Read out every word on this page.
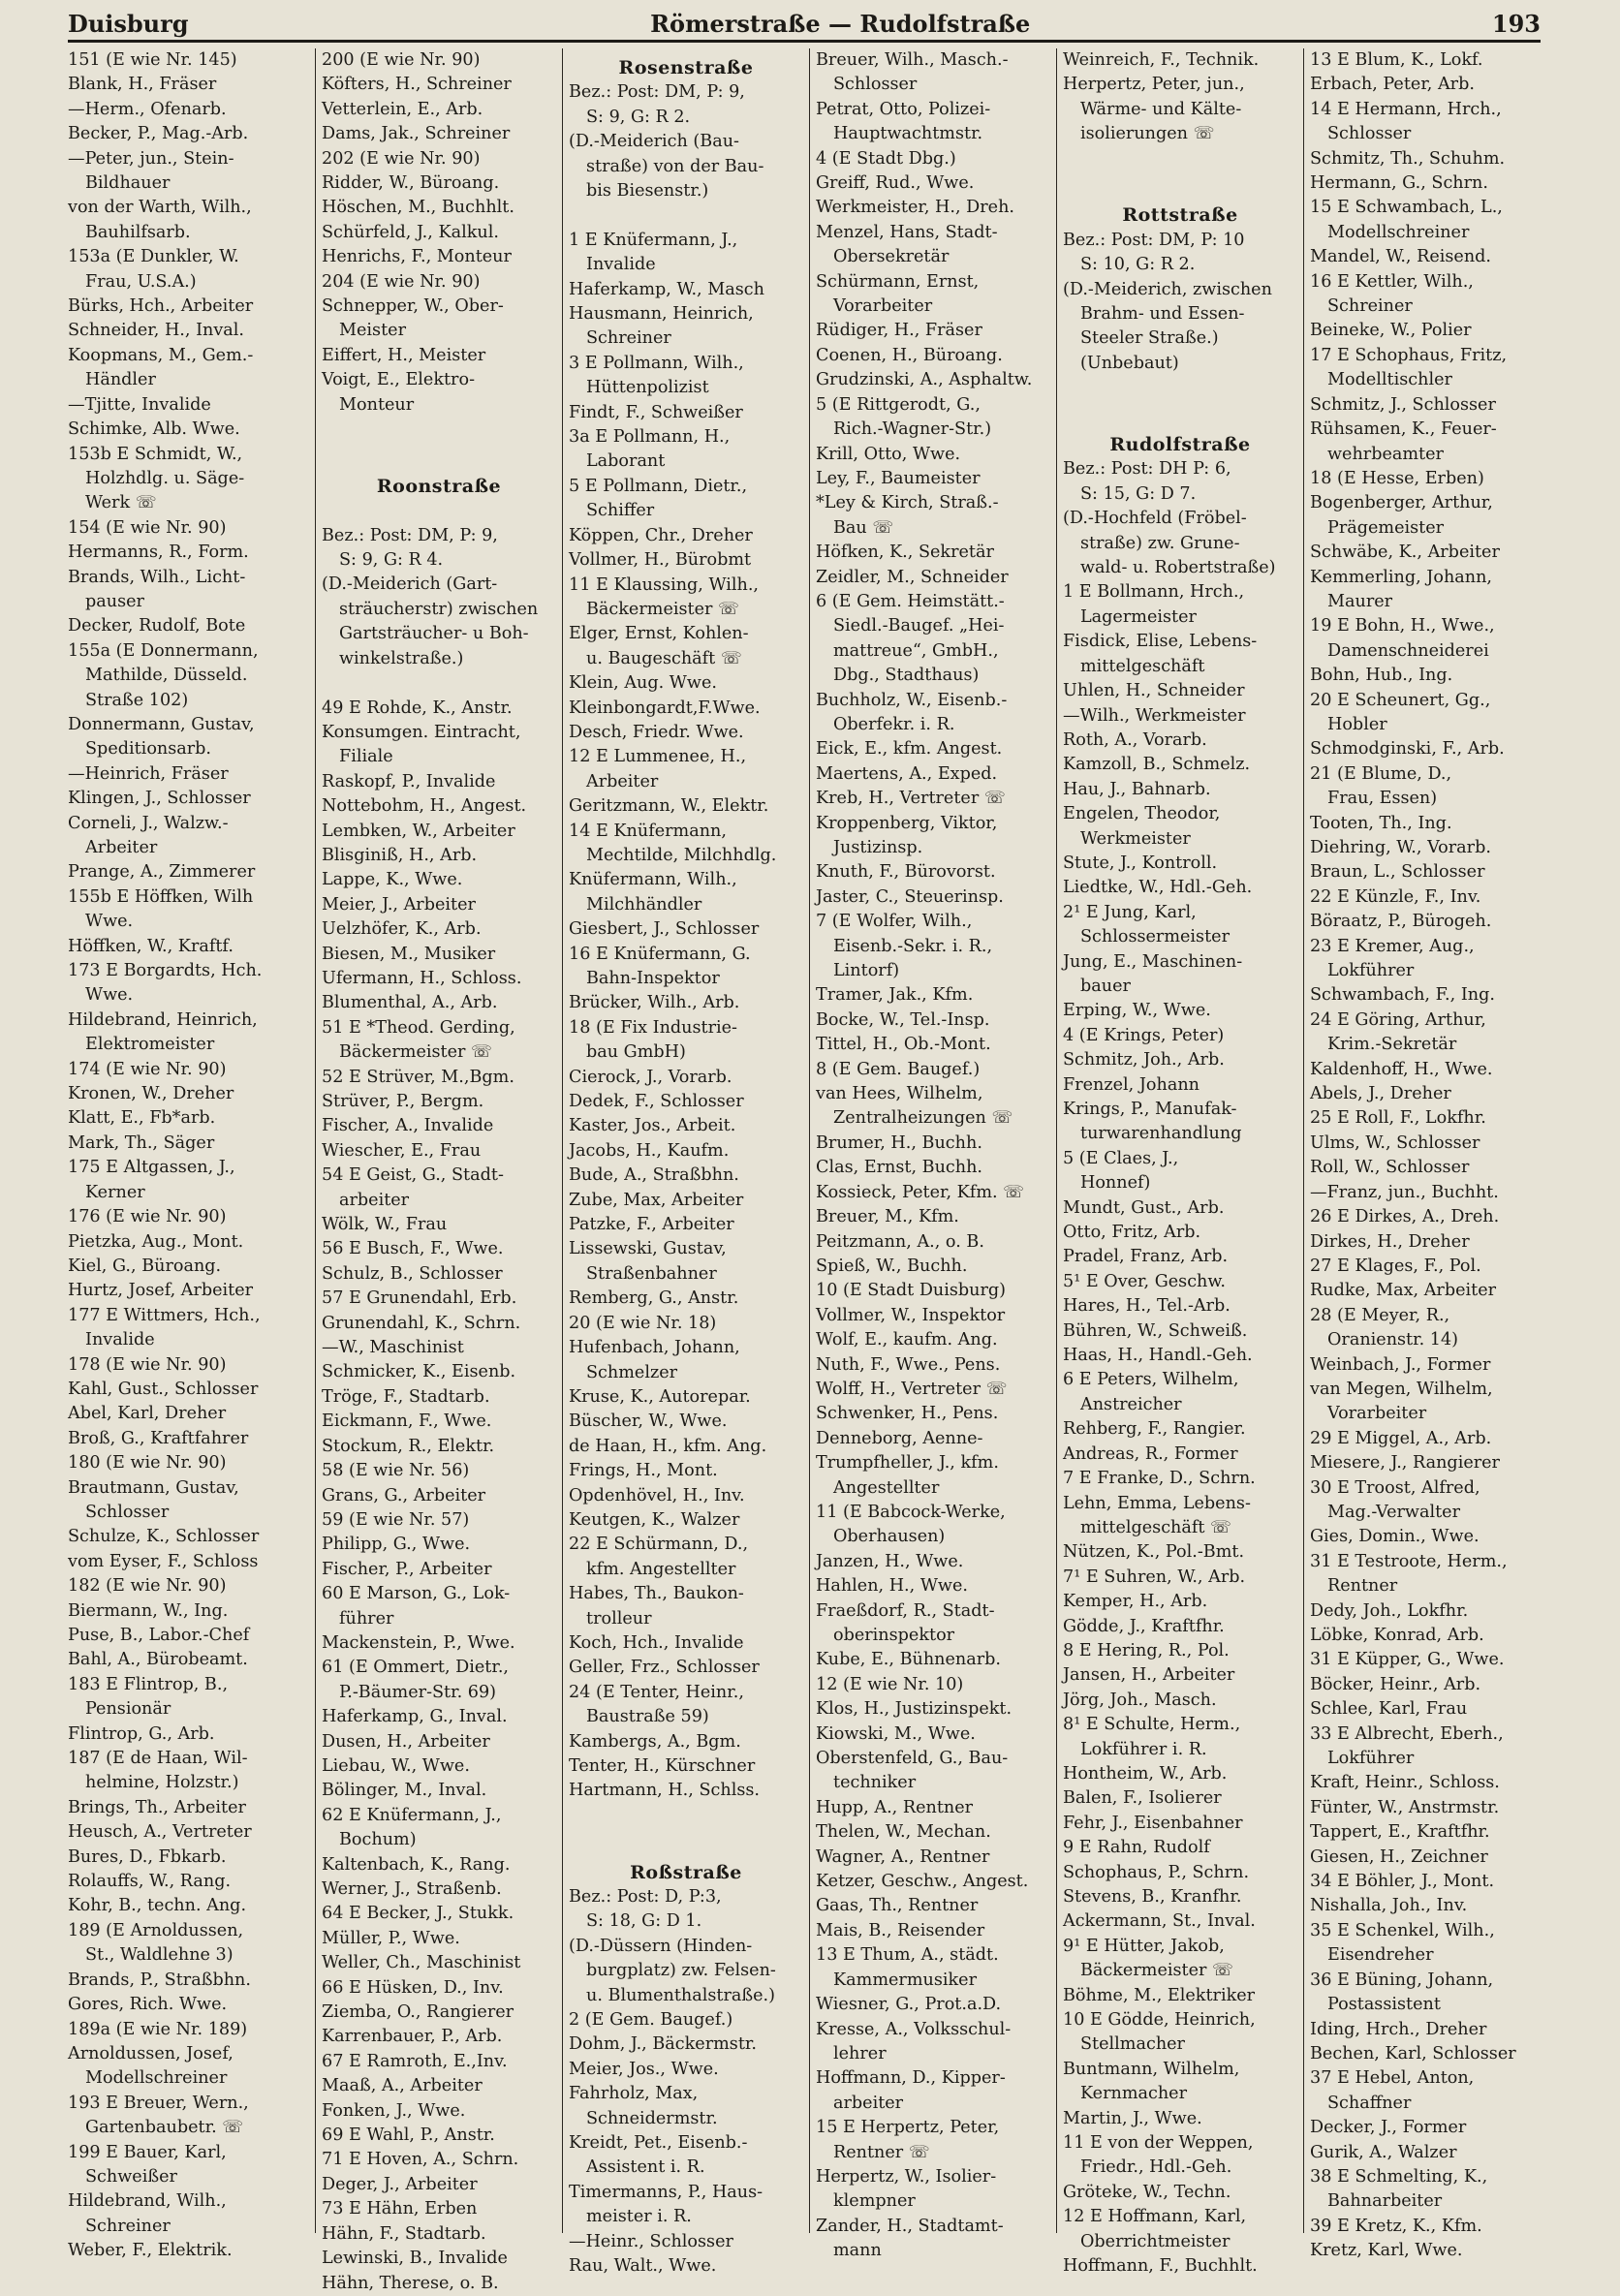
Duisburg	Römerstraße — Rudolfstraße	193
151 (E wie Nr. 145)
Blank, H., Fräser
—Herm., Ofenarb.
Becker, P., Mag.-Arb.
—Peter, jun., Stein-
Bildhauer
von der Warth, Wilh.,
Bauhilfsarb.
153a (E Dunkler, W.
Frau, U.S.A.)
Bürks, Hch., Arbeiter
Schneider, H., Inval.
Koopmans, M., Gem.-
Händler
—Tjitte, Invalide
Schimke, Alb. Wwe.
153b E Schmidt, W.,
Holzhdlg. u. Säge-
Werk ☏
154 (E wie Nr. 90)
Hermanns, R., Form.
Brands, Wilh., Licht-
pauser
Decker, Rudolf, Bote
155a (E Donnermann,
Mathilde, Düsseld.
Straße 102)
Donnermann, Gustav,
Speditionsarb.
—Heinrich, Fräser
Klingen, J., Schlosser
Corneli, J., Walzw.-
Arbeiter
Prange, A., Zimmerer
155b E Höffken, Wilh
Wwe.
Höffken, W., Kraftf.
173 E Borgardts, Hch.
Wwe.
Hildebrand, Heinrich,
Elektromeister
174 (E wie Nr. 90)
Kronen, W., Dreher
Klatt, E., Fb*arb.
Mark, Th., Säger
175 E Altgassen, J.,
Kerner
176 (E wie Nr. 90)
Pietzka, Aug., Mont.
Kiel, G., Büroang.
Hurtz, Josef, Arbeiter
177 E Wittmers, Hch.,
Invalide
178 (E wie Nr. 90)
Kahl, Gust., Schlosser
Abel, Karl, Dreher
Broß, G., Kraftfahrer
180 (E wie Nr. 90)
Brautmann, Gustav,
Schlosser
Schulze, K., Schlosser
vom Eyser, F., Schloss
182 (E wie Nr. 90)
Biermann, W., Ing.
Puse, B., Labor.-Chef
Bahl, A., Bürobeamt.
183 E Flintrop, B.,
Pensionär
Flintrop, G., Arb.
187 (E de Haan, Wil-
helmine, Holzstr.)
Brings, Th., Arbeiter
Heusch, A., Vertreter
Bures, D., Fbkarb.
Rolauffs, W., Rang.
Kohr, B., techn. Ang.
189 (E Arnoldussen,
St., Waldlehne 3)
Brands, P., Straßbhn.
Gores, Rich. Wwe.
189a (E wie Nr. 189)
Arnoldussen, Josef,
Modellschreiner
193 E Breuer, Wern.,
Gartenbaubetr. ☏
199 E Bauer, Karl,
Schweißer
Hildebrand, Wilh.,
Schreiner
Weber, F., Elektrik.
200 (E wie Nr. 90)
Köfters, H., Schreiner
Vetterlein, E., Arb.
Dams, Jak., Schreiner
202 (E wie Nr. 90)
Ridder, W., Büroang.
Höschen, M., Buchhlt.
Schürfeld, J., Kalkul.
Henrichs, F., Monteur
204 (E wie Nr. 90)
Schnepper, W., Ober-
Meister
Eiffert, H., Meister
Voigt, E., Elektro-
Monteur
Roonstraße
Bez.: Post: DM, P: 9,
S: 9, G: R 4.
(D.-Meiderich (Gart-
sträucherstr) zwischen
Gartsträucher- u Boh-
winkelstraße.)
49 E Rohde, K., Anstr.
Konsumgen. Eintracht,
Filiale
Raskopf, P., Invalide
Nottebohm, H., Angest.
Lembken, W., Arbeiter
Blisginiß, H., Arb.
Lappe, K., Wwe.
Meier, J., Arbeiter
Uelzhöfer, K., Arb.
Biesen, M., Musiker
Ufermann, H., Schloss.
Blumenthal, A., Arb.
51 E *Theod. Gerding,
Bäckermeister ☏
52 E Strüver, M.,Bgm.
Strüver, P., Bergm.
Fischer, A., Invalide
Wiescher, E., Frau
54 E Geist, G., Stadt-
arbeiter
Wölk, W., Frau
56 E Busch, F., Wwe.
Schulz, B., Schlosser
57 E Grunendahl, Erb.
Grunendahl, K., Schrn.
—W., Maschinist
Schmicker, K., Eisenb.
Tröge, F., Stadtarb.
Eickmann, F., Wwe.
Stockum, R., Elektr.
58 (E wie Nr. 56)
Grans, G., Arbeiter
59 (E wie Nr. 57)
Philipp, G., Wwe.
Fischer, P., Arbeiter
60 E Marson, G., Lok-
führer
Mackenstein, P., Wwe.
61 (E Ommert, Dietr.,
P.-Bäumer-Str. 69)
Haferkamp, G., Inval.
Dusen, H., Arbeiter
Liebau, W., Wwe.
Bölinger, M., Inval.
62 E Knüfermann, J.,
Bochum)
Kaltenbach, K., Rang.
Werner, J., Straßenb.
64 E Becker, J., Stukk.
Müller, P., Wwe.
Weller, Ch., Maschinist
66 E Hüsken, D., Inv.
Ziemba, O., Rangierer
Karrenbauer, P., Arb.
67 E Ramroth, E.,Inv.
Maaß, A., Arbeiter
Fonken, J., Wwe.
69 E Wahl, P., Anstr.
71 E Hoven, A., Schrn.
Deger, J., Arbeiter
73 E Hähn, Erben
Hähn, F., Stadtarb.
Lewinski, B., Invalide
Hähn, Therese, o. B.
Rosenstraße
Bez.: Post: DM, P: 9,
S: 9, G: R 2.
(D.-Meiderich (Bau-
straße) von der Bau-
bis Biesenstr.)
1 E Knüfermann, J.,
Invalide
Haferkamp, W., Masch
Hausmann, Heinrich,
Schreiner
3 E Pollmann, Wilh.,
Hüttenpolizist
Findt, F., Schweißer
3a E Pollmann, H.,
Laborant
5 E Pollmann, Dietr.,
Schiffer
Köppen, Chr., Dreher
Vollmer, H., Bürobmt
11 E Klaussing, Wilh.,
Bäckermeister ☏
Elger, Ernst, Kohlen-
u. Baugeschäft ☏
Klein, Aug. Wwe.
Kleinbongardt,F.Wwe.
Desch, Friedr. Wwe.
12 E Lummenee, H.,
Arbeiter
Geritzmann, W., Elektr.
14 E Knüfermann,
Mechtilde, Milchhdlg.
Knüfermann, Wilh.,
Milchhändler
Giesbert, J., Schlosser
16 E Knüfermann, G.
Bahn-Inspektor
Brücker, Wilh., Arb.
18 (E Fix Industrie-
bau GmbH)
Cierock, J., Vorarb.
Dedek, F., Schlosser
Kaster, Jos., Arbeit.
Jacobs, H., Kaufm.
Bude, A., Straßbhn.
Zube, Max, Arbeiter
Patzke, F., Arbeiter
Lissewski, Gustav,
Straßenbahner
Remberg, G., Anstr.
20 (E wie Nr. 18)
Hufenbach, Johann,
Schmelzer
Kruse, K., Autorepar.
Büscher, W., Wwe.
de Haan, H., kfm. Ang.
Frings, H., Mont.
Opdenhövel, H., Inv.
Keutgen, K., Walzer
22 E Schürmann, D.,
kfm. Angestellter
Habes, Th., Baukon-
trolleur
Koch, Hch., Invalide
Geller, Frz., Schlosser
24 (E Tenter, Heinr.,
Baustraße 59)
Kambergs, A., Bgm.
Tenter, H., Kürschner
Hartmann, H., Schlss.
Roßstraße
Bez.: Post: D, P:3,
S: 18, G: D 1.
(D.-Düssern (Hinden-
burgplatz) zw. Felsen-
u. Blumenthalstraße.)
2 (E Gem. Baugef.)
Dohm, J., Bäckermstr.
Meier, Jos., Wwe.
Fahrholz, Max,
Schneidermstr.
Kreidt, Pet., Eisenb.-
Assistent i. R.
Timermanns, P., Haus-
meister i. R.
—Heinr., Schlosser
Rau, Walt., Wwe.
Breuer, Wilh., Masch.-
Schlosser
Petrat, Otto, Polizei-
Hauptwachtmstr.
4 (E Stadt Dbg.)
Greiff, Rud., Wwe.
Werkmeister, H., Dreh.
Menzel, Hans, Stadt-
Obersekretär
Schürmann, Ernst,
Vorarbeiter
Rüdiger, H., Fräser
Coenen, H., Büroang.
Grudzinski, A., Asphaltw.
5 (E Rittgerodt, G.,
Rich.-Wagner-Str.)
Krill, Otto, Wwe.
Ley, F., Baumeister
*Ley & Kirch, Straß.-
Bau ☏
Höfken, K., Sekretär
Zeidler, M., Schneider
6 (E Gem. Heimstätt.-
Siedl.-Baugef. „Hei-
mattreue“, GmbH.,
Dbg., Stadthaus)
Buchholz, W., Eisenb.-
Oberfekr. i. R.
Eick, E., kfm. Angest.
Maertens, A., Exped.
Kreb, H., Vertreter ☏
Kroppenberg, Viktor,
Justizinsp.
Knuth, F., Bürovorst.
Jaster, C., Steuerinsp.
7 (E Wolfer, Wilh.,
Eisenb.-Sekr. i. R.,
Lintorf)
Tramer, Jak., Kfm.
Bocke, W., Tel.-Insp.
Tittel, H., Ob.-Mont.
8 (E Gem. Baugef.)
van Hees, Wilhelm,
Zentralheizungen ☏
Brumer, H., Buchh.
Clas, Ernst, Buchh.
Kossieck, Peter, Kfm. ☏
Breuer, M., Kfm.
Peitzmann, A., o. B.
Spieß, W., Buchh.
10 (E Stadt Duisburg)
Vollmer, W., Inspektor
Wolf, E., kaufm. Ang.
Nuth, F., Wwe., Pens.
Wolff, H., Vertreter ☏
Schwenker, H., Pens.
Denneborg, Aenne-
Trumpfheller, J., kfm.
Angestellter
11 (E Babcock-Werke,
Oberhausen)
Janzen, H., Wwe.
Hahlen, H., Wwe.
Fraeßdorf, R., Stadt-
oberinspektor
Kube, E., Bühnenarb.
12 (E wie Nr. 10)
Klos, H., Justizinspekt.
Kiowski, M., Wwe.
Oberstenfeld, G., Bau-
techniker
Hupp, A., Rentner
Thelen, W., Mechan.
Wagner, A., Rentner
Ketzer, Geschw., Angest.
Gaas, Th., Rentner
Mais, B., Reisender
13 E Thum, A., städt.
Kammermusiker
Wiesner, G., Prot.a.D.
Kresse, A., Volksschul-
lehrer
Hoffmann, D., Kipper-
arbeiter
15 E Herpertz, Peter,
Rentner ☏
Herpertz, W., Isolier-
klempner
Zander, H., Stadtamt-
mann
Weinreich, F., Technik.
Herpertz, Peter, jun.,
Wärme- und Kälte-
isolierungen ☏
Rottstraße
Bez.: Post: DM, P: 10
S: 10, G: R 2.
(D.-Meiderich, zwischen
Brahm- und Essen-
Steeler Straße.)
(Unbebaut)
Rudolfstraße
Bez.: Post: DH P: 6,
S: 15, G: D 7.
(D.-Hochfeld (Fröbel-
straße) zw. Grune-
wald- u. Robertstraße)
1 E Bollmann, Hrch.,
Lagermeister
Fisdick, Elise, Lebens-
mittelgeschäft
Uhlen, H., Schneider
—Wilh., Werkmeister
Roth, A., Vorarb.
Kamzoll, B., Schmelz.
Hau, J., Bahnarb.
Engelen, Theodor,
Werkmeister
Stute, J., Kontroll.
Liedtke, W., Hdl.-Geh.
2¹ E Jung, Karl,
Schlossermeister
Jung, E., Maschinen-
bauer
Erping, W., Wwe.
4 (E Krings, Peter)
Schmitz, Joh., Arb.
Frenzel, Johann
Krings, P., Manufak-
turwarenhandlung
5 (E Claes, J.,
Honnef)
Mundt, Gust., Arb.
Otto, Fritz, Arb.
Pradel, Franz, Arb.
5¹ E Over, Geschw.
Hares, H., Tel.-Arb.
Bühren, W., Schweiß.
Haas, H., Handl.-Geh.
6 E Peters, Wilhelm,
Anstreicher
Rehberg, F., Rangier.
Andreas, R., Former
7 E Franke, D., Schrn.
Lehn, Emma, Lebens-
mittelgeschäft ☏
Nützen, K., Pol.-Bmt.
7¹ E Suhren, W., Arb.
Kemper, H., Arb.
Gödde, J., Kraftfhr.
8 E Hering, R., Pol.
Jansen, H., Arbeiter
Jörg, Joh., Masch.
8¹ E Schulte, Herm.,
Lokführer i. R.
Hontheim, W., Arb.
Balen, F., Isolierer
Fehr, J., Eisenbahner
9 E Rahn, Rudolf
Schophaus, P., Schrn.
Stevens, B., Kranfhr.
Ackermann, St., Inval.
9¹ E Hütter, Jakob,
Bäckermeister ☏
Böhme, M., Elektriker
10 E Gödde, Heinrich,
Stellmacher
Buntmann, Wilhelm,
Kernmacher
Martin, J., Wwe.
11 E von der Weppen,
Friedr., Hdl.-Geh.
Gröteke, W., Techn.
12 E Hoffmann, Karl,
Oberrichtmeister
Hoffmann, F., Buchhlt.
13 E Blum, K., Lokf.
Erbach, Peter, Arb.
14 E Hermann, Hrch.,
Schlosser
Schmitz, Th., Schuhm.
Hermann, G., Schrn.
15 E Schwambach, L.,
Modellschreiner
Mandel, W., Reisend.
16 E Kettler, Wilh.,
Schreiner
Beineke, W., Polier
17 E Schophaus, Fritz,
Modelltischler
Schmitz, J., Schlosser
Rühsamen, K., Feuer-
wehrbeamter
18 (E Hesse, Erben)
Bogenberger, Arthur,
Prägemeister
Schwäbe, K., Arbeiter
Kemmerling, Johann,
Maurer
19 E Bohn, H., Wwe.,
Damenschneiderei
Bohn, Hub., Ing.
20 E Scheunert, Gg.,
Hobler
Schmodginski, F., Arb.
21 (E Blume, D.,
Frau, Essen)
Tooten, Th., Ing.
Diehring, W., Vorarb.
Braun, L., Schlosser
22 E Künzle, F., Inv.
Böraatz, P., Bürogeh.
23 E Kremer, Aug.,
Lokführer
Schwambach, F., Ing.
24 E Göring, Arthur,
Krim.-Sekretär
Kaldenhoff, H., Wwe.
Abels, J., Dreher
25 E Roll, F., Lokfhr.
Ulms, W., Schlosser
Roll, W., Schlosser
—Franz, jun., Buchht.
26 E Dirkes, A., Dreh.
Dirkes, H., Dreher
27 E Klages, F., Pol.
Rudke, Max, Arbeiter
28 (E Meyer, R.,
Oranienstr. 14)
Weinbach, J., Former
van Megen, Wilhelm,
Vorarbeiter
29 E Miggel, A., Arb.
Miesere, J., Rangierer
30 E Troost, Alfred,
Mag.-Verwalter
Gies, Domin., Wwe.
31 E Testroote, Herm.,
Rentner
Dedy, Joh., Lokfhr.
Löbke, Konrad, Arb.
31 E Küpper, G., Wwe.
Böcker, Heinr., Arb.
Schlee, Karl, Frau
33 E Albrecht, Eberh.,
Lokführer
Kraft, Heinr., Schloss.
Fünter, W., Anstrmstr.
Tappert, E., Kraftfhr.
Giesen, H., Zeichner
34 E Böhler, J., Mont.
Nishalla, Joh., Inv.
35 E Schenkel, Wilh.,
Eisendreher
36 E Büning, Johann,
Postassistent
Iding, Hrch., Dreher
Bechen, Karl, Schlosser
37 E Hebel, Anton,
Schaffner
Decker, J., Former
Gurik, A., Walzer
38 E Schmelting, K.,
Bahnarbeiter
39 E Kretz, K., Kfm.
Kretz, Karl, Wwe.
